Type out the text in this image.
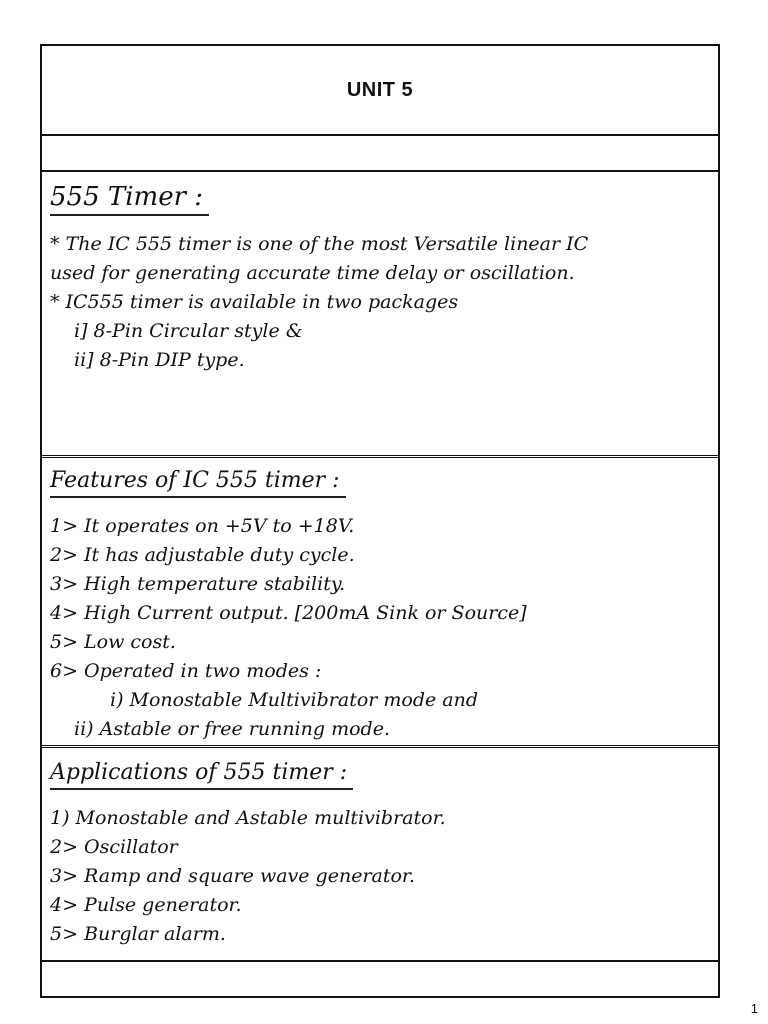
UNIT 5
555 Timer :
* The IC 555 timer is one of the most Versatile linear IC
used for generating accurate time delay or oscillation.
* IC555 timer is available in two packages
i] 8-Pin Circular style &
ii] 8-Pin DIP type.
Features of IC 555 timer :
1> It operates on +5V to +18V.
2> It has adjustable duty cycle.
3> High temperature stability.
4> High Current output. [200mA Sink or Source]
5> Low cost.
6> Operated in two modes :
i) Monostable Multivibrator mode and
ii) Astable or free running mode.
Applications of 555 timer :
1) Monostable and Astable multivibrator.
2> Oscillator
3> Ramp and square wave generator.
4> Pulse generator.
5> Burglar alarm.
1
